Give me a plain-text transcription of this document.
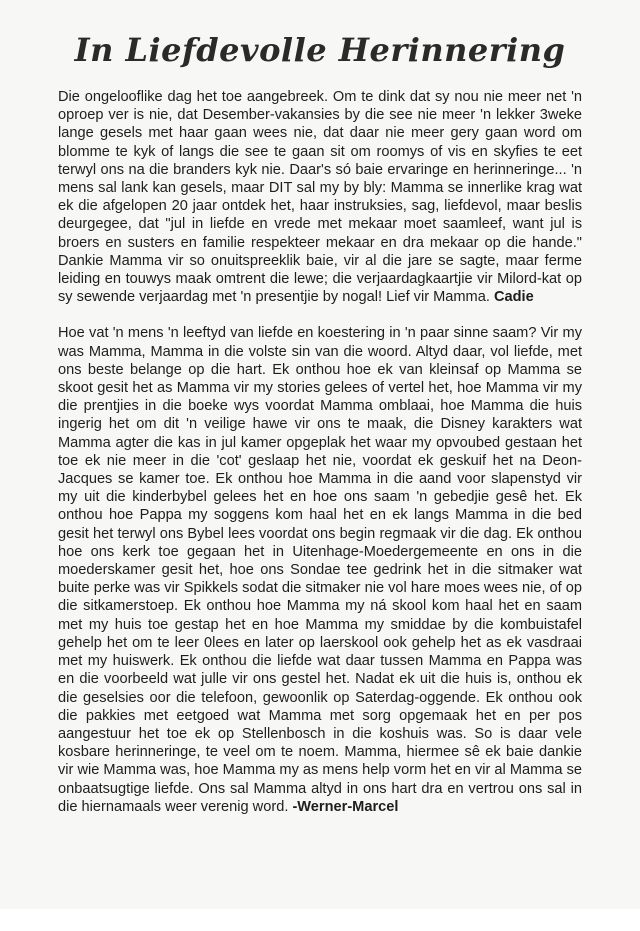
In Liefdevolle Herinnering

Die ongelooflike dag het toe aangebreek. Om te dink dat sy nou nie meer net 'n oproep ver is nie, dat Desember-vakansies by die see nie meer 'n lekker 3weke lange gesels met haar gaan wees nie, dat daar nie meer gery gaan word om blomme te kyk of langs die see te gaan sit om roomys of vis en skyfies te eet terwyl ons na die branders kyk nie. Daar's só baie ervaringe en herinneringe... 'n mens sal lank kan gesels, maar DIT sal my by bly: Mamma se innerlike krag wat ek die afgelopen 20 jaar ontdek het, haar instruksies, sag, liefdevol, maar beslis deurgegee, dat "jul in liefde en vrede met mekaar moet saamleef, want jul is broers en susters en familie respekteer mekaar en dra mekaar op die hande." Dankie Mamma vir so onuitspreeklik baie, vir al die jare se sagte, maar ferme leiding en touwys maak omtrent die lewe; die verjaardagkaartjie vir Milord-kat op sy sewende verjaardag met 'n presentjie by nogal! Lief vir Mamma. Cadie

Hoe vat 'n mens 'n leeftyd van liefde en koestering in 'n paar sinne saam? Vir my was Mamma, Mamma in die volste sin van die woord. Altyd daar, vol liefde, met ons beste belange op die hart. Ek onthou hoe ek van kleinsaf op Mamma se skoot gesit het as Mamma vir my stories gelees of vertel het, hoe Mamma vir my die prentjies in die boeke wys voordat Mamma omblaai, hoe Mamma die huis ingerig het om dit 'n veilige hawe vir ons te maak, die Disney karakters wat Mamma agter die kas in jul kamer opgeplak het waar my opvoubed gestaan het toe ek nie meer in die 'cot' geslaap het nie, voordat ek geskuif het na Deon-Jacques se kamer toe. Ek onthou hoe Mamma in die aand voor slapenstyd vir my uit die kinderbybel gelees het en hoe ons saam 'n gebedjie gesê het. Ek onthou hoe Pappa my soggens kom haal het en ek langs Mamma in die bed gesit het terwyl ons Bybel lees voordat ons begin regmaak vir die dag. Ek onthou hoe ons kerk toe gegaan het in Uitenhage-Moedergemeente en ons in die moederskamer gesit het, hoe ons Sondae tee gedrink het in die sitmaker wat buite perke was vir Spikkels sodat die sitmaker nie vol hare moes wees nie, of op die sitkamerstoep. Ek onthou hoe Mamma my ná skool kom haal het en saam met my huis toe gestap het en hoe Mamma my smiddae by die kombuistafel gehelp het om te leer 0lees en later op laerskool ook gehelp het as ek vasdraai met my huiswerk. Ek onthou die liefde wat daar tussen Mamma en Pappa was en die voorbeeld wat julle vir ons gestel het. Nadat ek uit die huis is, onthou ek die geselsies oor die telefoon, gewoonlik op Saterdag-oggende. Ek onthou ook die pakkies met eetgoed wat Mamma met sorg opgemaak het en per pos aangestuur het toe ek op Stellenbosch in die koshuis was. So is daar vele kosbare herinneringe, te veel om te noem. Mamma, hiermee sê ek baie dankie vir wie Mamma was, hoe Mamma my as mens help vorm het en vir al Mamma se onbaatsugtige liefde. Ons sal Mamma altyd in ons hart dra en vertrou ons sal in die hiernamaals weer verenig word. -Werner-Marcel
